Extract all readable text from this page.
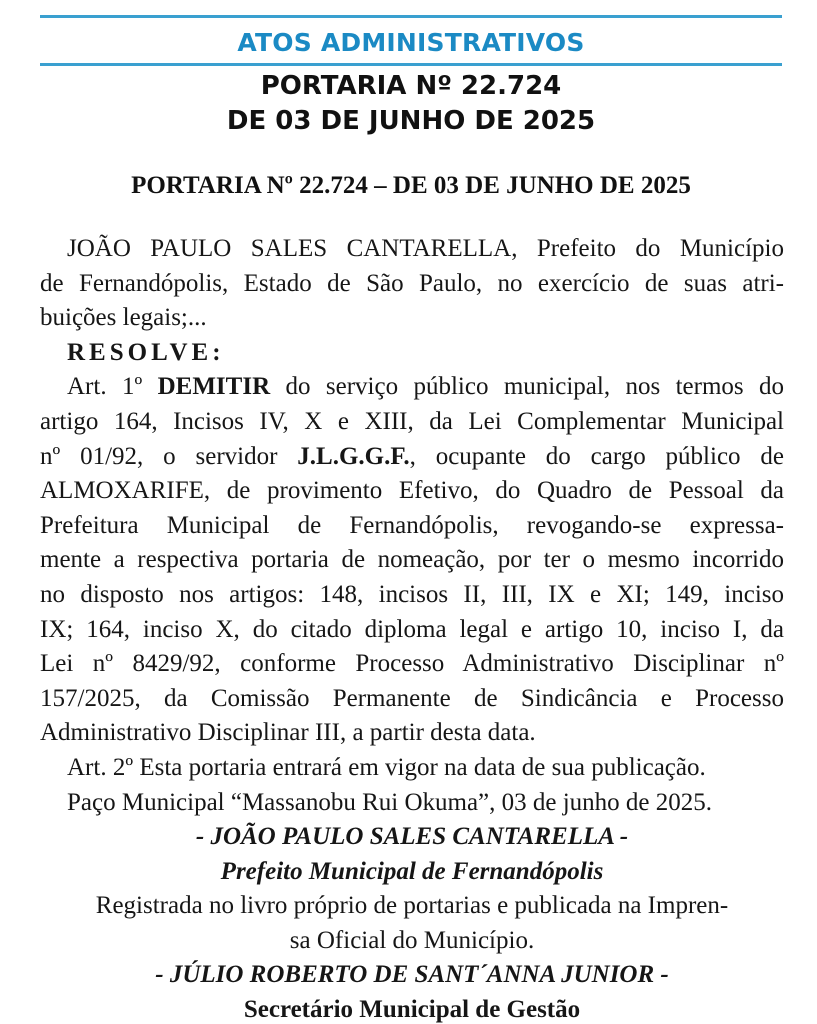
ATOS ADMINISTRATIVOS
PORTARIA Nº 22.724
DE 03 DE JUNHO DE 2025
PORTARIA Nº 22.724 – DE 03 DE JUNHO DE 2025
JOÃO PAULO SALES CANTARELLA, Prefeito do Município
de Fernandópolis, Estado de São Paulo, no exercício de suas atri-
buições legais;...
RESOLVE:
Art. 1º DEMITIR do serviço público municipal, nos termos do
artigo 164, Incisos IV, X e XIII, da Lei Complementar Municipal
nº 01/92, o servidor J.L.G.G.F., ocupante do cargo público de
ALMOXARIFE, de provimento Efetivo, do Quadro de Pessoal da
Prefeitura Municipal de Fernandópolis, revogando-se expressa-
mente a respectiva portaria de nomeação, por ter o mesmo incorrido
no disposto nos artigos: 148, incisos II, III, IX e XI; 149, inciso
IX; 164, inciso X, do citado diploma legal e artigo 10, inciso I, da
Lei nº 8429/92, conforme Processo Administrativo Disciplinar nº
157/2025, da Comissão Permanente de Sindicância e Processo
Administrativo Disciplinar III, a partir desta data.
Art. 2º Esta portaria entrará em vigor na data de sua publicação.
Paço Municipal “Massanobu Rui Okuma”, 03 de junho de 2025.
- JOÃO PAULO SALES CANTARELLA -
Prefeito Municipal de Fernandópolis
Registrada no livro próprio de portarias e publicada na Impren-
sa Oficial do Município.
- JÚLIO ROBERTO DE SANT´ANNA JUNIOR -
Secretário Municipal de Gestão
